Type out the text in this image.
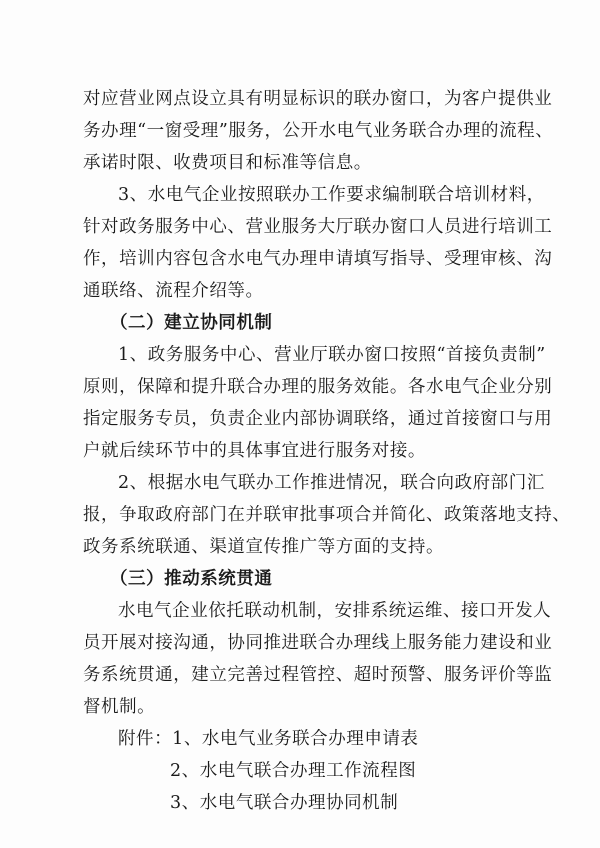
对应营业网点设立具有明显标识的联办窗口，为客户提供业
务办理“一窗受理”服务，公开水电气业务联合办理的流程、
承诺时限、收费项目和标准等信息。
3、水电气企业按照联办工作要求编制联合培训材料，
针对政务服务中心、营业服务大厅联办窗口人员进行培训工
作，培训内容包含水电气办理申请填写指导、受理审核、沟
通联络、流程介绍等。
（二）建立协同机制
1、政务服务中心、营业厅联办窗口按照“首接负责制”
原则，保障和提升联合办理的服务效能。各水电气企业分别
指定服务专员，负责企业内部协调联络，通过首接窗口与用
户就后续环节中的具体事宜进行服务对接。
2、根据水电气联办工作推进情况，联合向政府部门汇
报，争取政府部门在并联审批事项合并简化、政策落地支持、
政务系统联通、渠道宣传推广等方面的支持。
（三）推动系统贯通
水电气企业依托联动机制，安排系统运维、接口开发人
员开展对接沟通，协同推进联合办理线上服务能力建设和业
务系统贯通，建立完善过程管控、超时预警、服务评价等监
督机制。
附件：1、水电气业务联合办理申请表
2、水电气联合办理工作流程图
3、水电气联合办理协同机制
